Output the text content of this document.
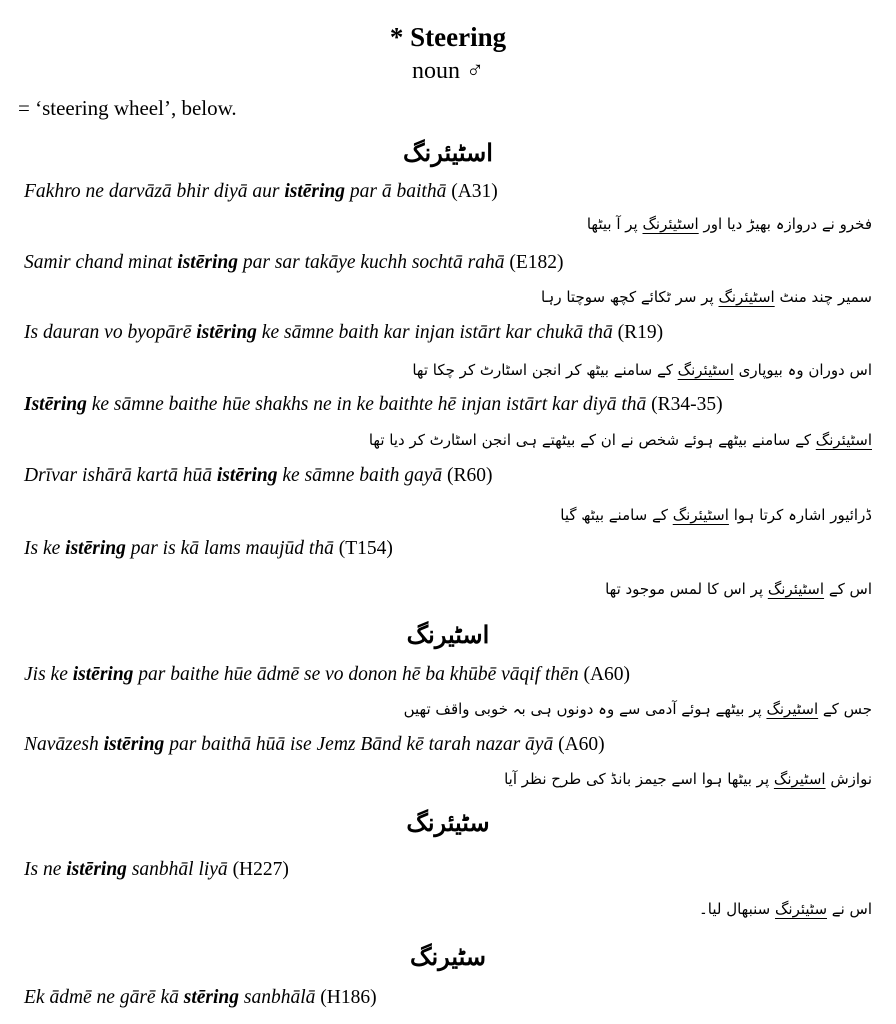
* Steering
noun ♂
= ‘steering wheel’, below.
اسٹیئرنگ
Fakhro ne darvāzā bhir diyā aur istēring par ā baithā (A31)
فخرو نے دروازہ بھیڑ دیا اور اسٹیئرنگ پر آ بیٹھا
Samir chand minat istēring par sar takāye kuchh sochtā rahā (E182)
سمیر چند منٹ اسٹیئرنگ پر سر ٹکائے کچھ سوچتا رہا
Is dauran vo byopārē istēring ke sāmne baith kar injan istārt kar chukā thā (R19)
اس دوران وہ بیوپاری اسٹیئرنگ کے سامنے بیٹھ کر انجن اسٹارٹ کر چکا تھا
Istēring ke sāmne baithe hūe shakhs ne in ke baithte hē injan istārt kar diyā thā (R34-35)
اسٹیئرنگ کے سامنے بیٹھے ہوئے شخص نے ان کے بیٹھتے ہی انجن اسٹارٹ کر دیا تھا
Drīvar ishārā kartā hūā istēring ke sāmne baith gayā (R60)
ڈرائیور اشارہ کرتا ہوا اسٹیئرنگ کے سامنے بیٹھ گیا
Is ke istēring par is kā lams maujūd thā (T154)
اس کے اسٹیئرنگ پر اس کا لمس موجود تھا
اسٹیرنگ
Jis ke istēring par baithe hūe ādmē se vo donon hē ba khūbē vāqif thēn (A60)
جس کے اسٹیرنگ پر بیٹھے ہوئے آدمی سے وہ دونوں ہی بہ خوبی واقف تھیں
Navāzesh istēring par baithā hūā ise Jemz Bānd kē tarah nazar āyā (A60)
نوازش اسٹیرنگ پر بیٹھا ہوا اسے جیمز بانڈ کی طرح نظر آیا
سٹیئرنگ
Is ne istēring sanbhāl liyā (H227)
اس نے سٹیئرنگ سنبھال لیا۔
سٹیرنگ
Ek ādmē ne gārē kā stēring sanbhālā (H186)
